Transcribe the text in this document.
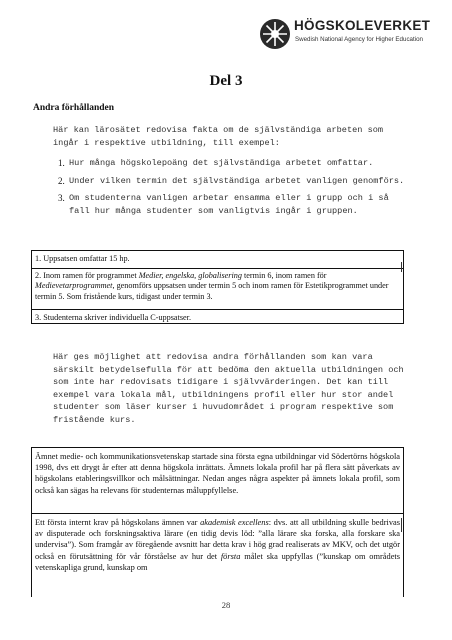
HÖGSKOLEVERKET
Swedish National Agency for Higher Education
Del 3
Andra förhållanden
Här kan lärosätet redovisa fakta om de självständiga arbeten som ingår i respektive utbildning, till exempel:
1. Hur många högskolepoäng det självständiga arbetet omfattar.
2. Under vilken termin det självständiga arbetet vanligen genomförs.
3. Om studenterna vanligen arbetar ensamma eller i grupp och i så fall hur många studenter som vanligtvis ingår i gruppen.
1. Uppsatsen omfattar 15 hp.
2. Inom ramen för programmet Medier, engelska, globalisering termin 6, inom ramen för Medievetarprogrammet, genomförs uppsatsen under termin 5 och inom ramen för Estetikprogrammet under termin 5. Som fristående kurs, tidigast under termin 3.
3. Studenterna skriver individuella C-uppsatser.
Här ges möjlighet att redovisa andra förhållanden som kan vara särskilt betydelsefulla för att bedöma den aktuella utbildningen och som inte har redovisats tidigare i självvärderingen. Det kan till exempel vara lokala mål, utbildningens profil eller hur stor andel studenter som läser kurser i huvudområdet i program respektive som fristående kurs.
Ämnet medie- och kommunikationsvetenskap startade sina första egna utbildningar vid Södertörns högskola 1998, dvs ett drygt år efter att denna högskola inrättats. Ämnets lokala profil har på flera sätt påverkats av högskolans etableringsvillkor och målsättningar. Nedan anges några aspekter på ämnets lokala profil, som också kan sägas ha relevans för studenternas måluppfyllelse.
Ett första internt krav på högskolans ämnen var akademisk excellens: dvs. att all utbildning skulle bedrivas av disputerade och forskningsaktiva lärare (en tidig devis löd: ”alla lärare ska forska, alla forskare ska undervisa”). Som framgår av föregående avsnitt har detta krav i hög grad realiserats av MKV, och det utgör också en förutsättning för vår förståelse av hur det första målet ska uppfyllas (”kunskap om områdets vetenskapliga grund, kunskap om
28
